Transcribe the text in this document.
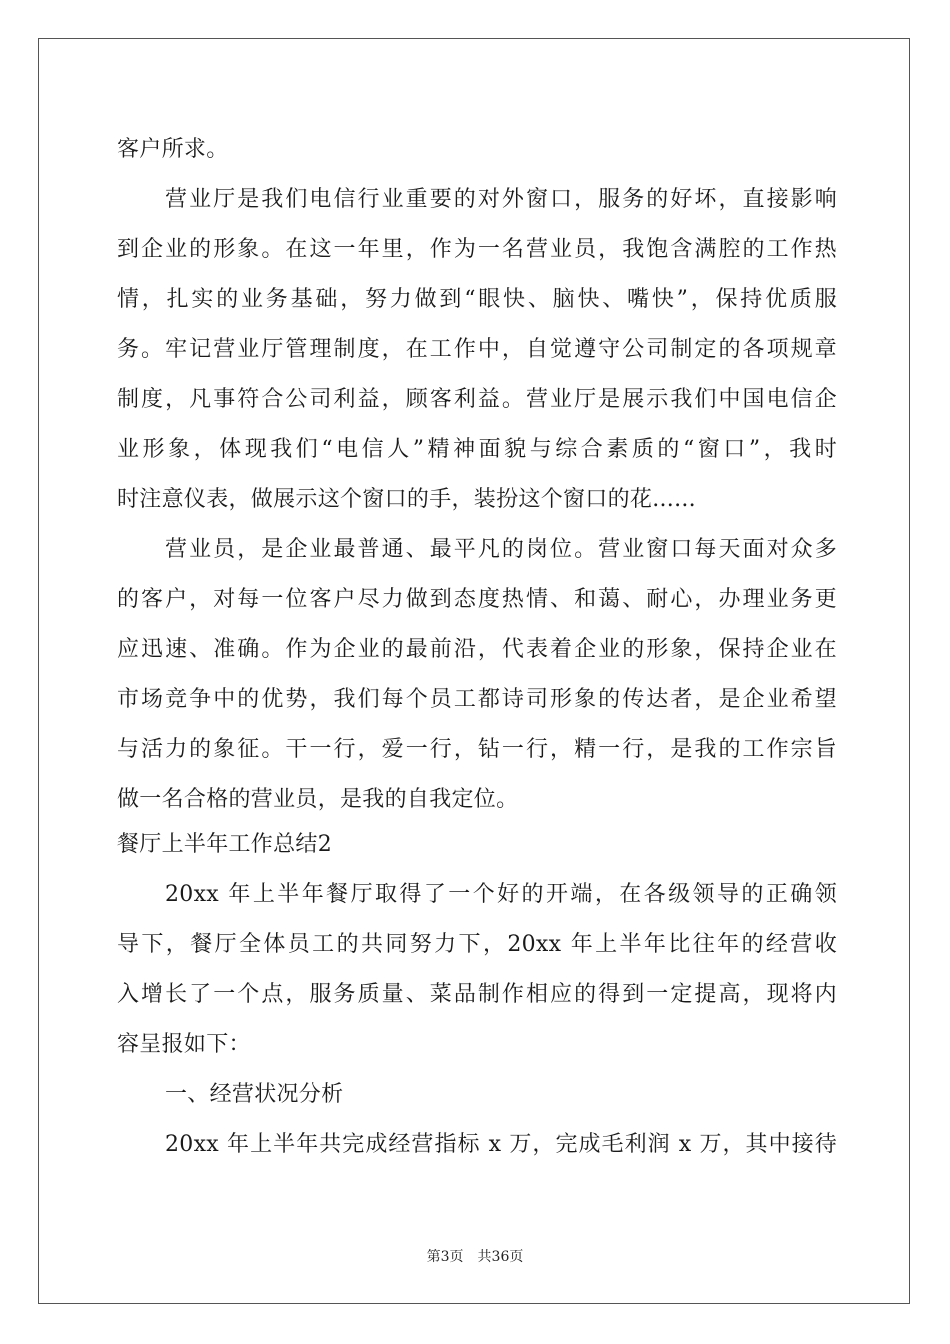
客户所求。
营业厅是我们电信行业重要的对外窗口，服务的好坏，直接影响
到企业的形象。在这一年里，作为一名营业员，我饱含满腔的工作热
情，扎实的业务基础，努力做到“眼快、脑快、嘴快”，保持优质服
务。牢记营业厅管理制度，在工作中，自觉遵守公司制定的各项规章
制度，凡事符合公司利益，顾客利益。营业厅是展示我们中国电信企
业形象，体现我们“电信人”精神面貌与综合素质的“窗口”，我时
时注意仪表，做展示这个窗口的手，装扮这个窗口的花......
营业员，是企业最普通、最平凡的岗位。营业窗口每天面对众多
的客户，对每一位客户尽力做到态度热情、和蔼、耐心，办理业务更
应迅速、准确。作为企业的最前沿，代表着企业的形象，保持企业在
市场竞争中的优势，我们每个员工都诗司形象的传达者，是企业希望
与活力的象征。干一行，爱一行，钻一行，精一行，是我的工作宗旨
做一名合格的营业员，是我的自我定位。
餐厅上半年工作总结2
20xx 年上半年餐厅取得了一个好的开端，在各级领导的正确领
导下，餐厅全体员工的共同努力下，20xx 年上半年比往年的经营收
入增长了一个点，服务质量、菜品制作相应的得到一定提高，现将内
容呈报如下：
一、经营状况分析
20xx 年上半年共完成经营指标 x 万，完成毛利润 x 万，其中接待
第3页 共36页
